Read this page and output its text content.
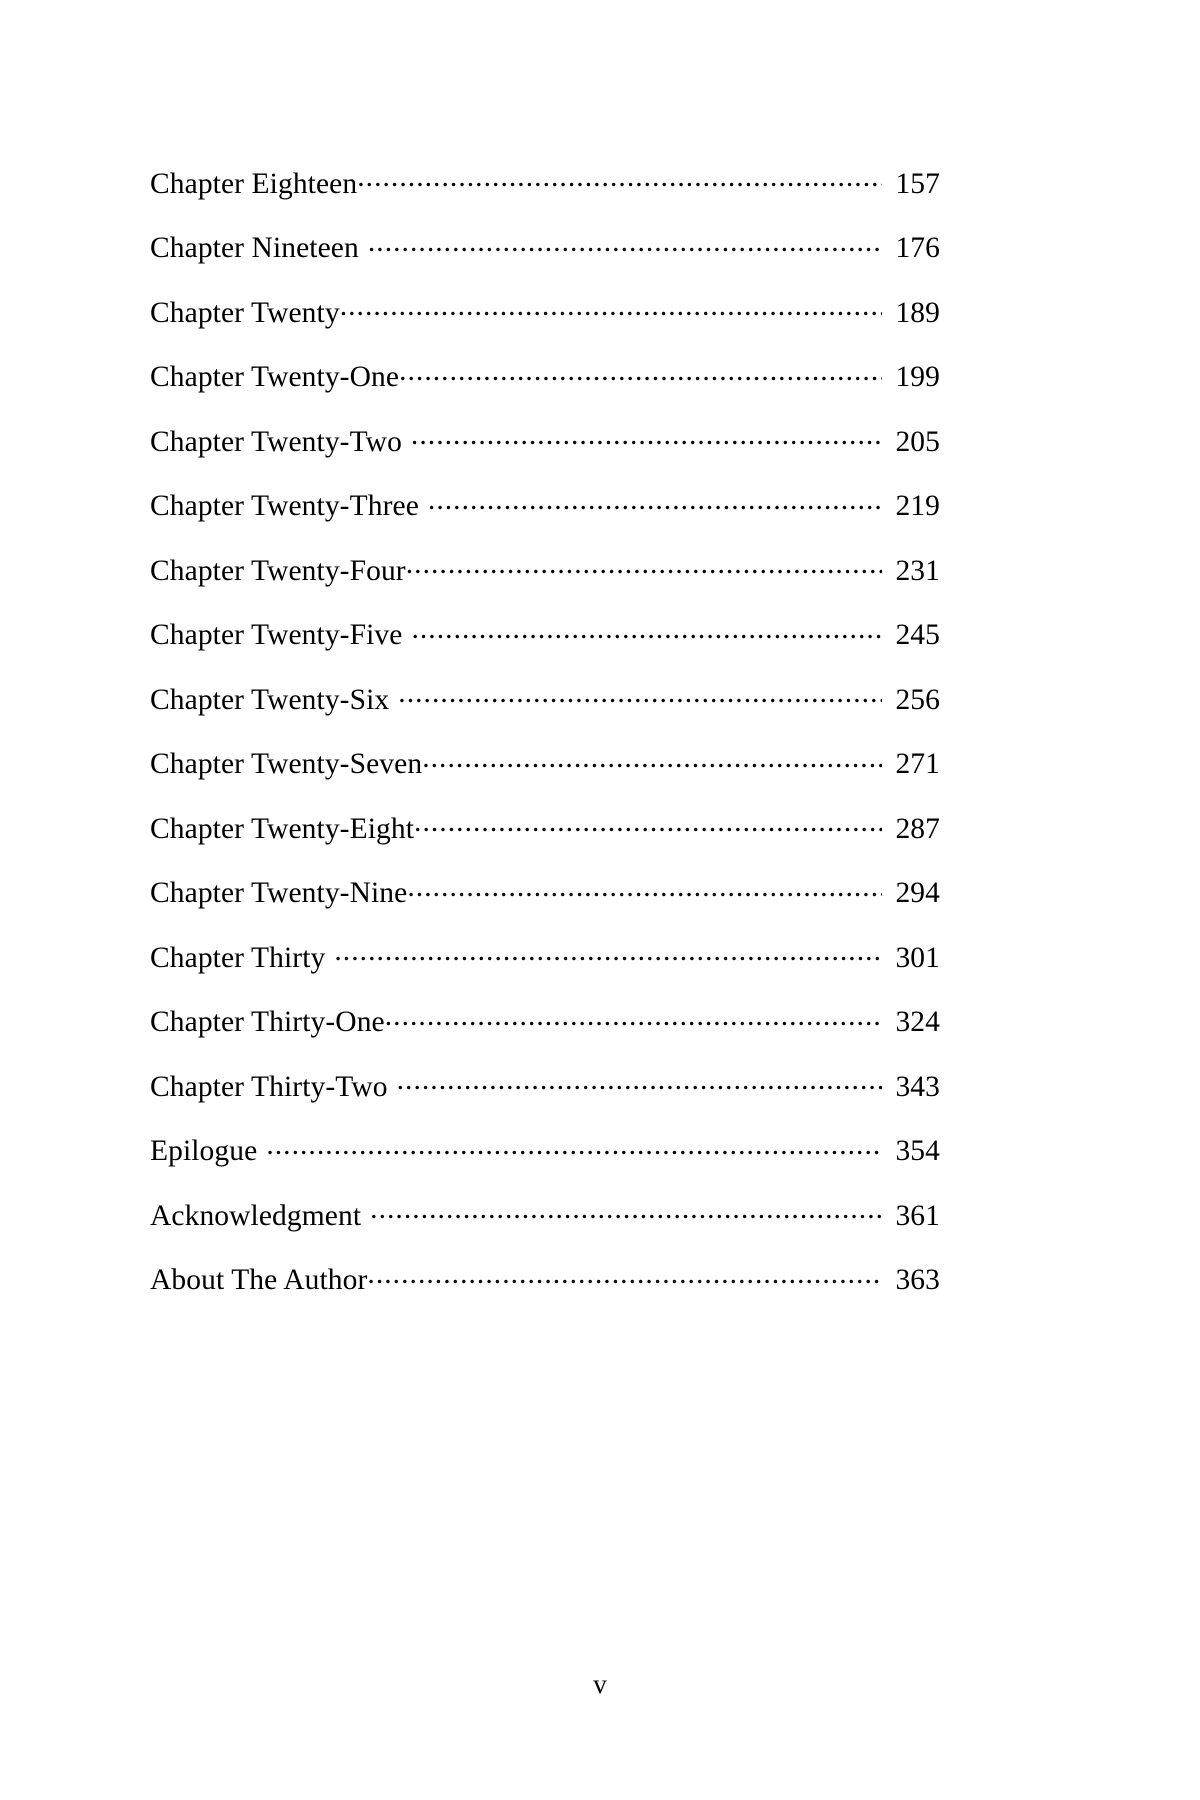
Chapter Eighteen .....	157
Chapter Nineteen .....	176
Chapter Twenty .....	189
Chapter Twenty-One .....	199
Chapter Twenty-Two .....	205
Chapter Twenty-Three .....	219
Chapter Twenty-Four .....	231
Chapter Twenty-Five .....	245
Chapter Twenty-Six .....	256
Chapter Twenty-Seven .....	271
Chapter Twenty-Eight .....	287
Chapter Twenty-Nine .....	294
Chapter Thirty .....	301
Chapter Thirty-One .....	324
Chapter Thirty-Two .....	343
Epilogue .....	354
Acknowledgment .....	361
About The Author .....	363
v
